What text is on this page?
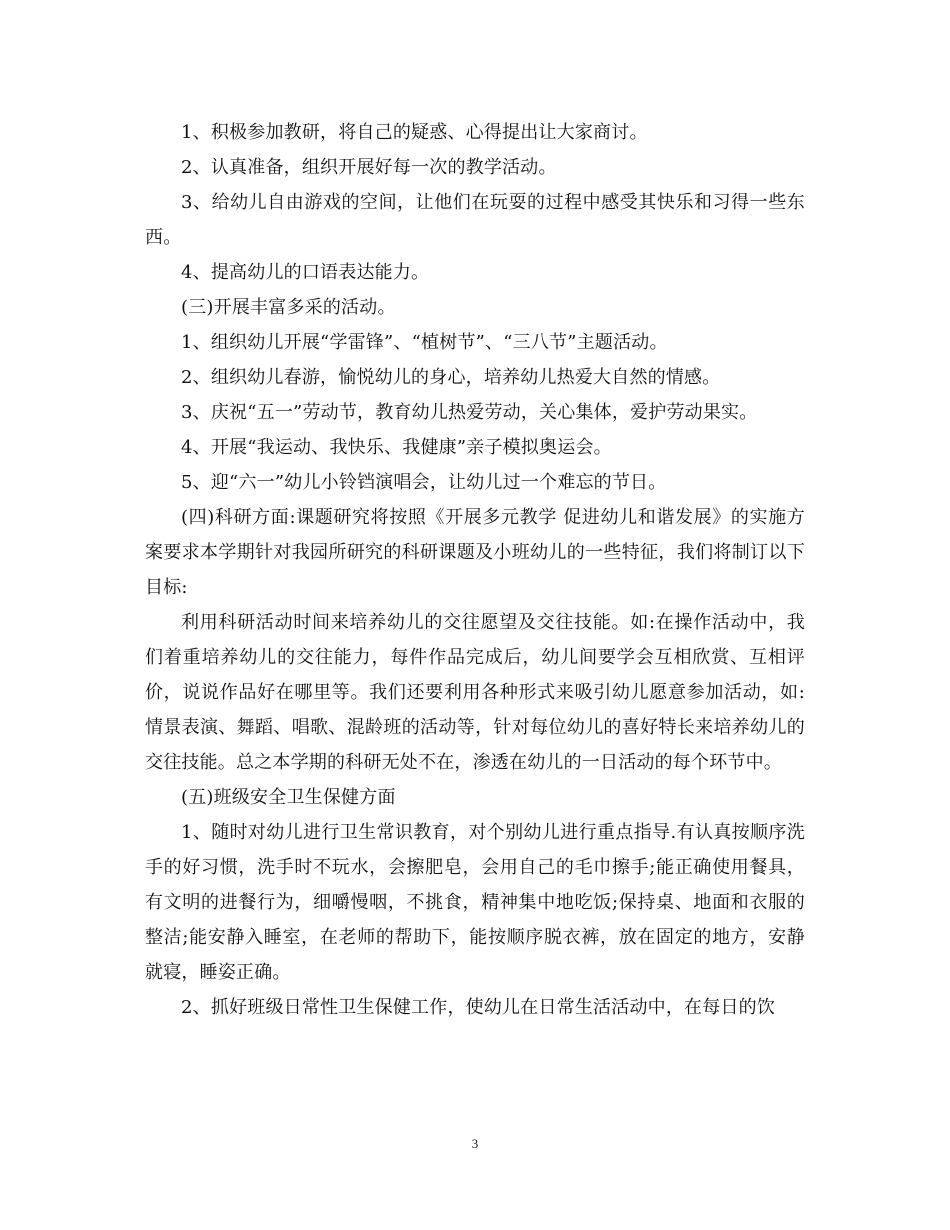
1、积极参加教研，将自己的疑惑、心得提出让大家商讨。

2、认真准备，组织开展好每一次的教学活动。

3、给幼儿自由游戏的空间，让他们在玩耍的过程中感受其快乐和习得一些东西。

4、提高幼儿的口语表达能力。

(三)开展丰富多采的活动。

1、组织幼儿开展“学雷锋”、“植树节”、“三八节”主题活动。

2、组织幼儿春游，愉悦幼儿的身心，培养幼儿热爱大自然的情感。

3、庆祝“五一”劳动节，教育幼儿热爱劳动，关心集体，爱护劳动果实。

4、开展“我运动、我快乐、我健康”亲子模拟奥运会。

5、迎“六一”幼儿小铃铛演唱会，让幼儿过一个难忘的节日。

(四)科研方面:课题研究将按照《开展多元教学 促进幼儿和谐发展》的实施方案要求本学期针对我园所研究的科研课题及小班幼儿的一些特征，我们将制订以下目标:

利用科研活动时间来培养幼儿的交往愿望及交往技能。如:在操作活动中，我们着重培养幼儿的交往能力，每件作品完成后，幼儿间要学会互相欣赏、互相评价，说说作品好在哪里等。我们还要利用各种形式来吸引幼儿愿意参加活动，如:情景表演、舞蹈、唱歌、混龄班的活动等，针对每位幼儿的喜好特长来培养幼儿的交往技能。总之本学期的科研无处不在，渗透在幼儿的一日活动的每个环节中。

(五)班级安全卫生保健方面

1、随时对幼儿进行卫生常识教育，对个别幼儿进行重点指导.有认真按顺序洗手的好习惯，洗手时不玩水，会擦肥皂，会用自己的毛巾擦手;能正确使用餐具，有文明的进餐行为，细嚼慢咽，不挑食，精神集中地吃饭;保持桌、地面和衣服的整洁;能安静入睡室，在老师的帮助下，能按顺序脱衣裤，放在固定的地方，安静就寝，睡姿正确。

2、抓好班级日常性卫生保健工作，使幼儿在日常生活活动中，在每日的饮

3
